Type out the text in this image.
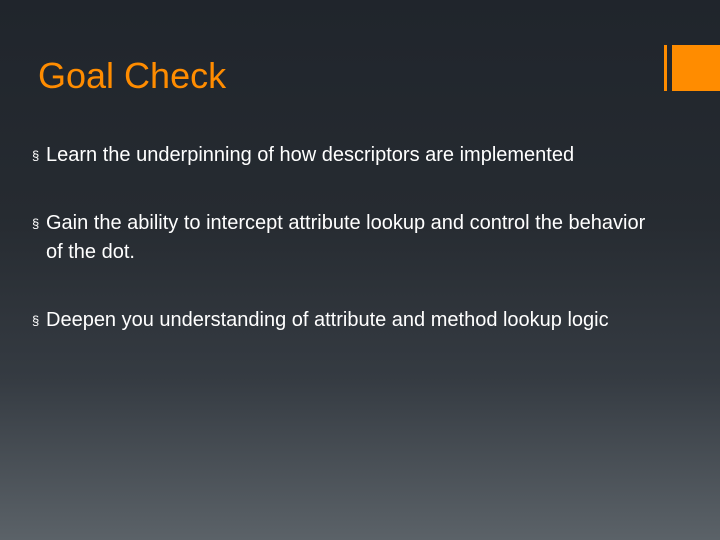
Goal Check
§ Learn the underpinning of how descriptors are implemented
§ Gain the ability to intercept attribute lookup and control the behavior of the dot.
§ Deepen you understanding of attribute and method lookup logic
